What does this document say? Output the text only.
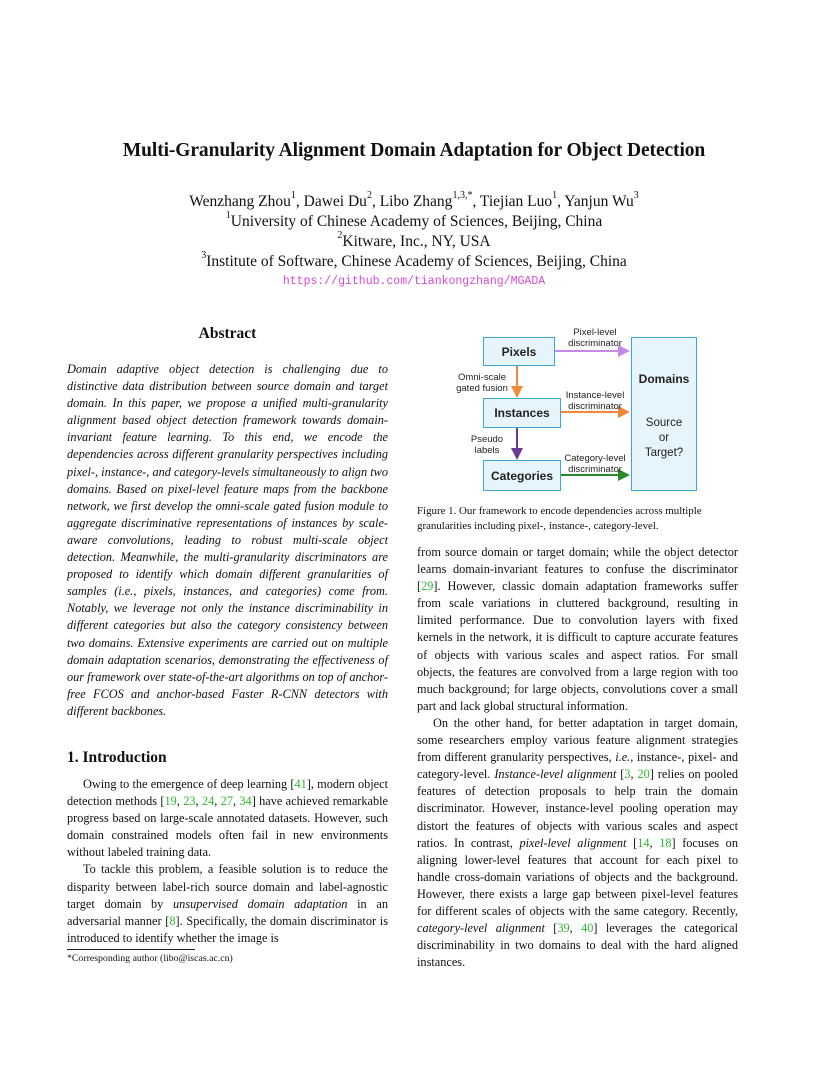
Multi-Granularity Alignment Domain Adaptation for Object Detection
Wenzhang Zhou$^1$, Dawei Du$^2$, Libo Zhang$^{1,3,*}$, Tiejian Luo$^1$, Yanjun Wu$^3$
$^1$University of Chinese Academy of Sciences, Beijing, China
$^2$Kitware, Inc., NY, USA
$^3$Institute of Software, Chinese Academy of Sciences, Beijing, China
https://github.com/tiankongzhang/MGADA
Abstract
Domain adaptive object detection is challenging due to distinctive data distribution between source domain and target domain. In this paper, we propose a unified multi-granularity alignment based object detection framework towards domain-invariant feature learning. To this end, we encode the dependencies across different granularity perspectives including pixel-, instance-, and category-levels simultaneously to align two domains. Based on pixel-level feature maps from the backbone network, we first develop the omni-scale gated fusion module to aggregate discriminative representations of instances by scale-aware convolutions, leading to robust multi-scale object detection. Meanwhile, the multi-granularity discriminators are proposed to identify which domain different granularities of samples (i.e., pixels, instances, and categories) come from. Notably, we leverage not only the instance discriminability in different categories but also the category consistency between two domains. Extensive experiments are carried out on multiple domain adaptation scenarios, demonstrating the effectiveness of our framework over state-of-the-art algorithms on top of anchor-free FCOS and anchor-based Faster R-CNN detectors with different backbones.
1. Introduction

Owing to the emergence of deep learning [41], modern object detection methods [19, 23, 24, 27, 34] have achieved remarkable progress based on large-scale annotated datasets. However, such domain constrained models often fail in new environments without labeled training data.

To tackle this problem, a feasible solution is to reduce the disparity between label-rich source domain and label-agnostic target domain by unsupervised domain adaptation in an adversarial manner [8]. Specifically, the domain discriminator is introduced to identify whether the image is

*Corresponding author (libo@iscas.ac.cn)
Pixels
Instances
Categories
Domains
Source
or
Target?
Pixel-level
discriminator
Instance-level
discriminator
Category-level
discriminator
Omni-scale
gated fusion
Pseudo
labels
Figure 1. Our framework to encode dependencies across multiple granularities including pixel-, instance-, category-level.

from source domain or target domain; while the object detector learns domain-invariant features to confuse the discriminator [29]. However, classic domain adaptation frameworks suffer from scale variations in cluttered background, resulting in limited performance. Due to convolution layers with fixed kernels in the network, it is difficult to capture accurate features of objects with various scales and aspect ratios. For small objects, the features are convolved from a large region with too much background; for large objects, convolutions cover a small part and lack global structural information.

On the other hand, for better adaptation in target domain, some researchers employ various feature alignment strategies from different granularity perspectives, i.e., instance-, pixel- and category-level. Instance-level alignment [3, 20] relies on pooled features of detection proposals to help train the domain discriminator. However, instance-level pooling operation may distort the features of objects with various scales and aspect ratios. In contrast, pixel-level alignment [14, 18] focuses on aligning lower-level features that account for each pixel to handle cross-domain variations of objects and the background. However, there exists a large gap between pixel-level features for different scales of objects with the same category. Recently, category-level alignment [39, 40] leverages the categorical discriminability in two domains to deal with the hard aligned instances.
